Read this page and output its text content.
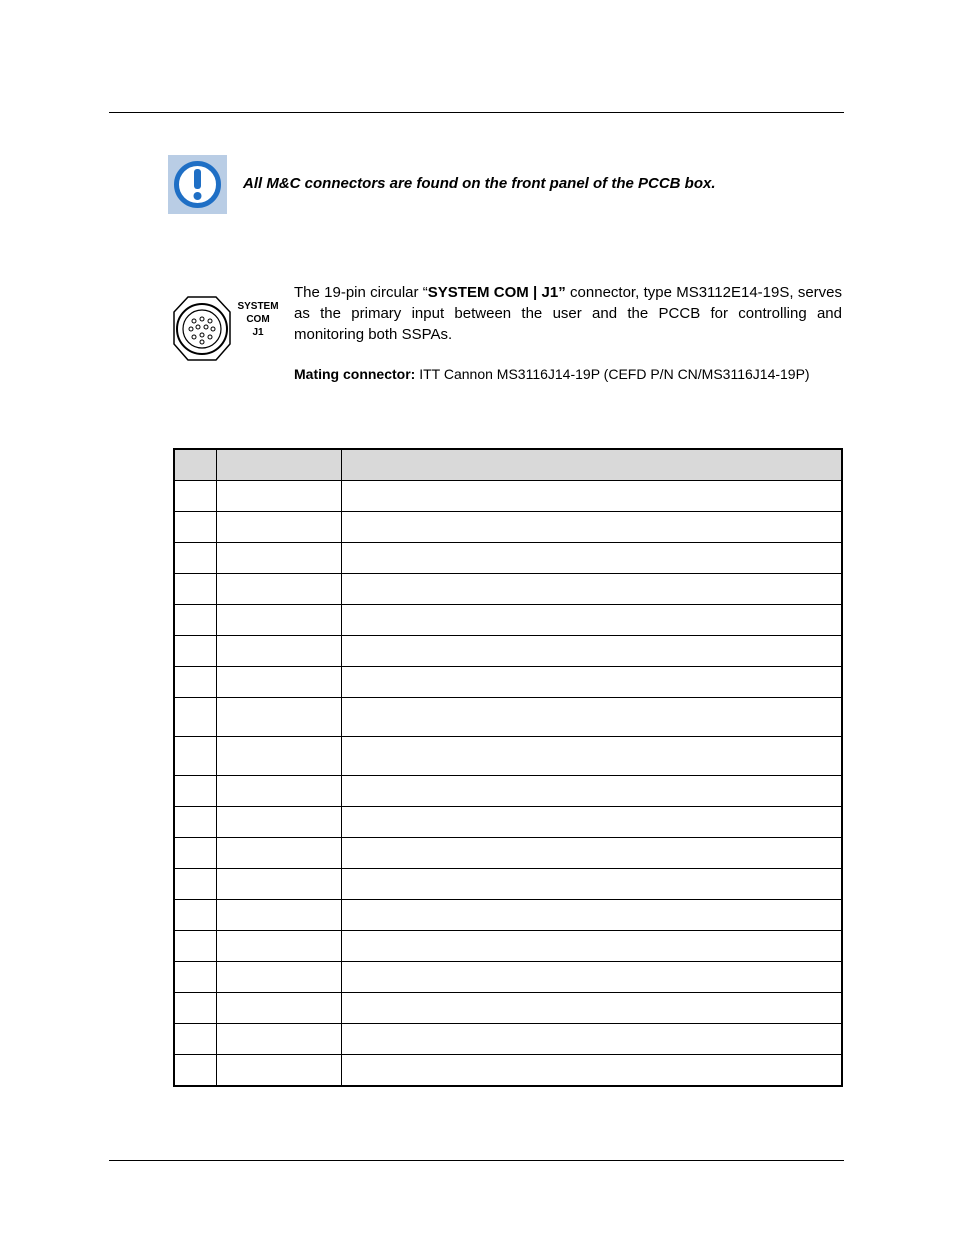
All M&C connectors are found on the front panel of the PCCB box.
SYSTEM
COM
J1
The 19-pin circular “SYSTEM COM | J1” connector, type MS3112E14-19S, serves as the primary input between the user and the PCCB for controlling and monitoring both SSPAs.
Mating connector: ITT Cannon MS3116J14-19P (CEFD P/N CN/MS3116J14-19P)
